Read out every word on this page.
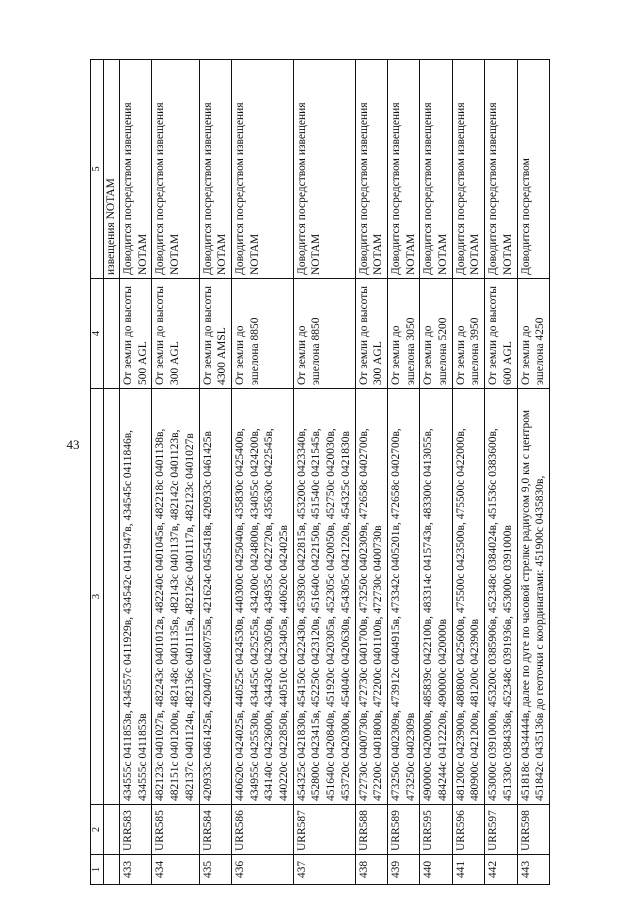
43
1	2	3	4	5
				извещения NOTAM
433	URR583	434555с 0411853в, 434557с 0411929в, 434542с 0411947в, 434545с 0411846в, 434555с 0411853в	От земли до высоты 500 AGL	Доводится посредством извещения NOTAM
434	URR585	482123с 0401027в, 482243с 0401012в, 482240с 0401045в, 482218с 0401138в, 482151с 0401200в, 482148с 0401135в, 482143с 0401137в, 482142с 0401123в, 482137с 0401124в, 482136с 0401115в, 482126с 0401117в, 482123с 0401027в	От земли до высоты 300 AGL	Доводится посредством извещения NOTAM
435	URR584	420933с 0461425в, 420407с 0460755в, 421624с 0455418в, 420933с 0461425в	От земли до высоты 4300 AMSL	Доводится посредством извещения NOTAM
436	URR586	440620с 0424025в, 440525с 0424530в, 440300с 0425040в, 435830с 0425400в, 434955с 0425530в, 434455с 0425255в, 434200с 0424800в, 434055с 0424200в, 434140с 0423600в, 434430с 0423050в, 434935с 0422720в, 435630с 0422545в, 440220с 0422850в, 440510с 0423405в, 440620с 0424025в	От земли до эшелона 8850	Доводится посредством извещения NOTAM
437	URR587	454325с 0421830в, 454150с 0422430в, 453930с 0422815в, 453200с 0423340в, 452800с 0423415в, 452250с 0423120в, 451640с 0422150в, 451540с 0421545в, 451640с 0420840в, 451920с 0420305в, 452305с 0420050в, 452750с 0420030в, 453720с 0420300в, 454040с 0420630в, 454305с 0421220в, 454325с 0421830в	От земли до эшелона 8850	Доводится посредством извещения NOTAM
438	URR588	472730с 0400730в, 472730с 0401700в, 473250с 0402309в, 472658с 0402700в, 472200с 0401800в, 472200с 0401100в, 472730с 0400730в	От земли до высоты 300 AGL	Доводится посредством извещения NOTAM
439	URR589	473250с 0402309в, 473912с 0404915в, 473342с 0405201в, 472658с 0402700в, 473250с 0402309в	От земли до эшелона 3050	Доводится посредством извещения NOTAM
440	URR595	490000с 0420000в, 485839с 0422100в, 483314с 0415743в, 483300с 0413055в, 484244с 0412220в, 490000с 0420000в	От земли до эшелона 5200	Доводится посредством извещения NOTAM
441	URR596	481200с 0423900в, 480800с 0425600в, 475500с 0423500в, 475500с 0422000в, 480900с 0421200в, 481200с 0423900в	От земли до эшелона 3950	Доводится посредством извещения NOTAM
442	URR597	453000с 0391000в, 453200с 0385906в, 452348с 0384024в, 451536с 0383600в, 451330с 0384336в, 452348с 0391936в, 453000с 0391000в	От земли до высоты 600 AGL	Доводится посредством извещения NOTAM
443	URR598	451818с 0434444в, далее по дуге по часовой стрелке радиусом 9,0 км с центром 451842с 0435136в до геоточки с координатами: 451900с 0435830в,	От земли до эшелона 4250	Доводится посредством
